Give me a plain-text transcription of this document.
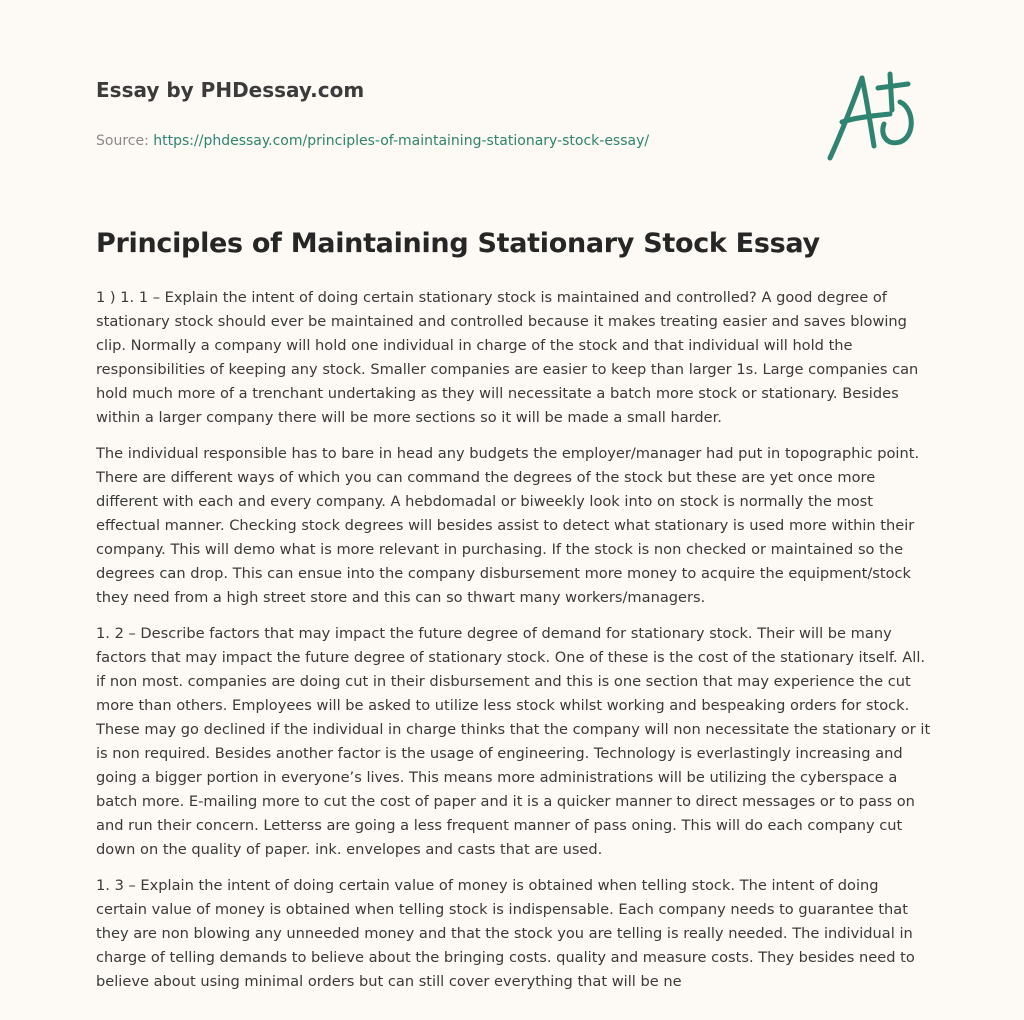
Essay by PHDessay.com
Source: https://phdessay.com/principles-of-maintaining-stationary-stock-essay/
Principles of Maintaining Stationary Stock Essay

1 ) 1. 1 – Explain the intent of doing certain stationary stock is maintained and controlled? A good degree of stationary stock should ever be maintained and controlled because it makes treating easier and saves blowing clip. Normally a company will hold one individual in charge of the stock and that individual will hold the responsibilities of keeping any stock. Smaller companies are easier to keep than larger 1s. Large companies can hold much more of a trenchant undertaking as they will necessitate a batch more stock or stationary. Besides within a larger company there will be more sections so it will be made a small harder.

The individual responsible has to bare in head any budgets the employer/manager had put in topographic point. There are different ways of which you can command the degrees of the stock but these are yet once more different with each and every company. A hebdomadal or biweekly look into on stock is normally the most effectual manner. Checking stock degrees will besides assist to detect what stationary is used more within their company. This will demo what is more relevant in purchasing. If the stock is non checked or maintained so the degrees can drop. This can ensue into the company disbursement more money to acquire the equipment/stock they need from a high street store and this can so thwart many workers/managers.

1. 2 – Describe factors that may impact the future degree of demand for stationary stock. Their will be many factors that may impact the future degree of stationary stock. One of these is the cost of the stationary itself. All. if non most. companies are doing cut in their disbursement and this is one section that may experience the cut more than others. Employees will be asked to utilize less stock whilst working and bespeaking orders for stock. These may go declined if the individual in charge thinks that the company will non necessitate the stationary or it is non required. Besides another factor is the usage of engineering. Technology is everlastingly increasing and going a bigger portion in everyone’s lives. This means more administrations will be utilizing the cyberspace a batch more. E-mailing more to cut the cost of paper and it is a quicker manner to direct messages or to pass on and run their concern. Letterss are going a less frequent manner of pass oning. This will do each company cut down on the quality of paper. ink. envelopes and casts that are used.

1. 3 – Explain the intent of doing certain value of money is obtained when telling stock. The intent of doing certain value of money is obtained when telling stock is indispensable. Each company needs to guarantee that they are non blowing any unneeded money and that the stock you are telling is really needed. The individual in charge of telling demands to believe about the bringing costs. quality and measure costs. They besides need to believe about using minimal orders but can still cover everything that will be ne
